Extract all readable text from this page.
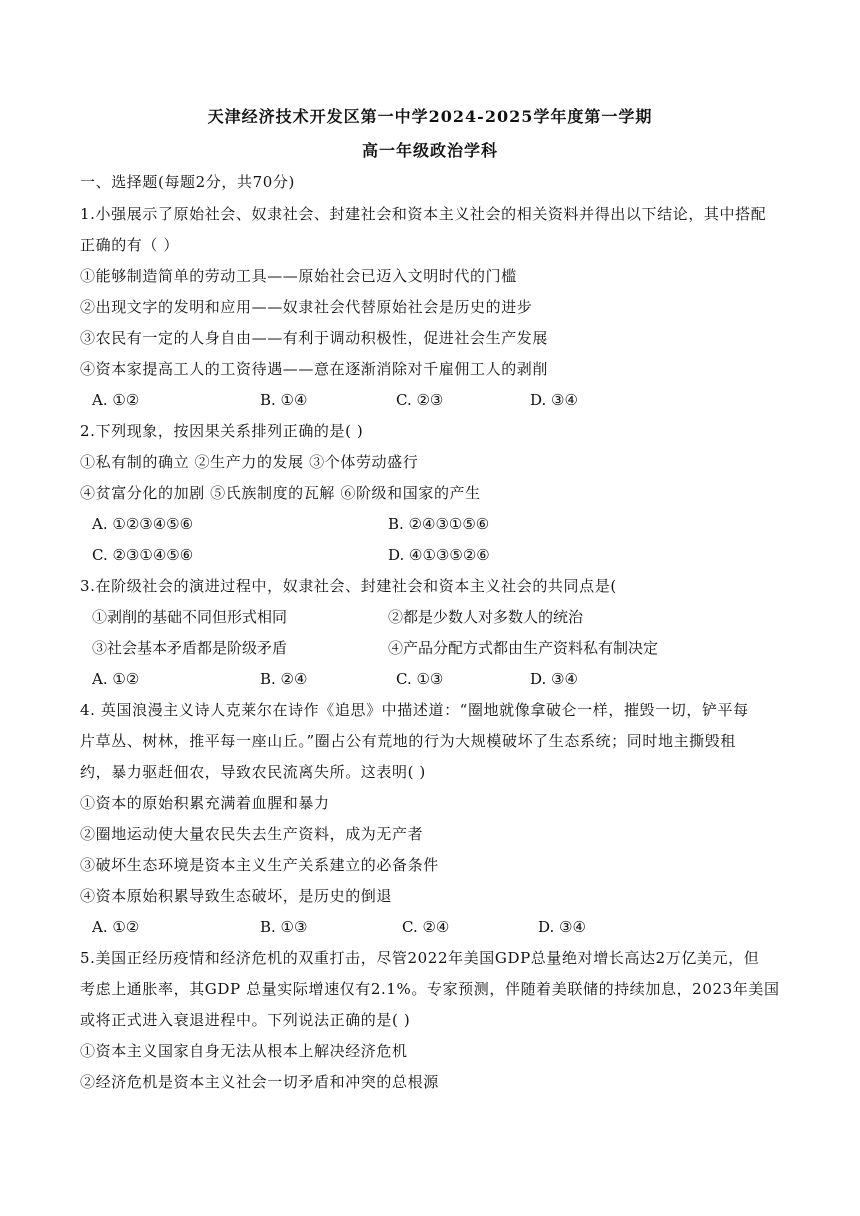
天津经济技术开发区第一中学2024-2025学年度第一学期
高一年级政治学科
一、选择题(每题2分，共70分)
1.小强展示了原始社会、奴隶社会、封建社会和资本主义社会的相关资料并得出以下结论，其中搭配
正确的有（ ）
①能够制造简单的劳动工具——原始社会已迈入文明时代的门槛
②出现文字的发明和应用——奴隶社会代替原始社会是历史的进步
③农民有一定的人身自由——有利于调动积极性，促进社会生产发展
④资本家提高工人的工资待遇——意在逐渐消除对千雇佣工人的剥削
A. ①②	B. ①④	C. ②③	D. ③④
2.下列现象，按因果关系排列正确的是( )
①私有制的确立 ②生产力的发展 ③个体劳动盛行
④贫富分化的加剧 ⑤氏族制度的瓦解 ⑥阶级和国家的产生
A. ①②③④⑤⑥	B. ②④③①⑤⑥
C. ②③①④⑤⑥	D. ④①③⑤②⑥
3.在阶级社会的演进过程中，奴隶社会、封建社会和资本主义社会的共同点是(
①剥削的基础不同但形式相同	②都是少数人对多数人的统治
③社会基本矛盾都是阶级矛盾	④产品分配方式都由生产资料私有制决定
A. ①②	B. ②④	C. ①③	D. ③④
4. 英国浪漫主义诗人克莱尔在诗作《追思》中描述道：“圈地就像拿破仑一样，摧毁一切，铲平每
片草丛、树林，推平每一座山丘。”圈占公有荒地的行为大规模破坏了生态系统；同时地主撕毁租
约，暴力驱赶佃农，导致农民流离失所。这表明( )
①资本的原始积累充满着血腥和暴力
②圈地运动使大量农民失去生产资料，成为无产者
③破坏生态环境是资本主义生产关系建立的必备条件
④资本原始积累导致生态破坏，是历史的倒退
A. ①②	B. ①③	C. ②④	D. ③④
5.美国正经历疫情和经济危机的双重打击，尽管2022年美国GDP总量绝对增长高达2万亿美元，但
考虑上通胀率，其GDP 总量实际增速仅有2.1%。专家预测，伴随着美联储的持续加息，2023年美国
或将正式进入衰退进程中。下列说法正确的是( )
①资本主义国家自身无法从根本上解决经济危机
②经济危机是资本主义社会一切矛盾和冲突的总根源
